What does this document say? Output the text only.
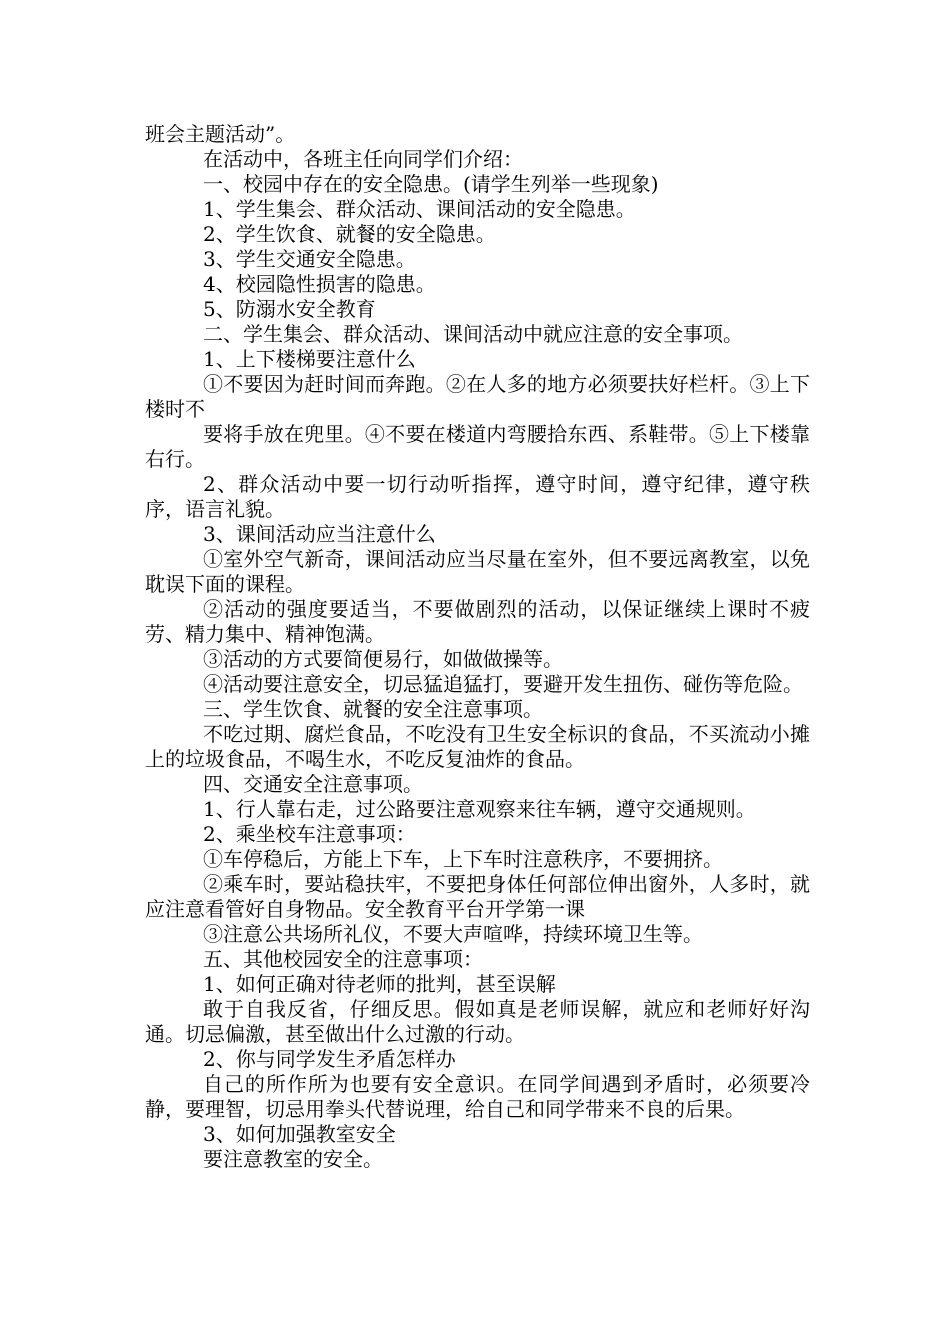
班会主题活动”。

在活动中，各班主任向同学们介绍：

一、校园中存在的安全隐患。(请学生列举一些现象)

1、学生集会、群众活动、课间活动的安全隐患。

2、学生饮食、就餐的安全隐患。

3、学生交通安全隐患。

4、校园隐性损害的隐患。

5、防溺水安全教育

二、学生集会、群众活动、课间活动中就应注意的安全事项。

1、上下楼梯要注意什么

①不要因为赶时间而奔跑。②在人多的地方必须要扶好栏杆。③上下楼时不

要将手放在兜里。④不要在楼道内弯腰拾东西、系鞋带。⑤上下楼靠右行。

2、群众活动中要一切行动听指挥，遵守时间，遵守纪律，遵守秩序，语言礼貌。

3、课间活动应当注意什么

①室外空气新奇，课间活动应当尽量在室外，但不要远离教室，以免耽误下面的课程。

②活动的强度要适当，不要做剧烈的活动，以保证继续上课时不疲劳、精力集中、精神饱满。

③活动的方式要简便易行，如做做操等。

④活动要注意安全，切忌猛追猛打，要避开发生扭伤、碰伤等危险。

三、学生饮食、就餐的安全注意事项。

不吃过期、腐烂食品，不吃没有卫生安全标识的食品，不买流动小摊上的垃圾食品，不喝生水，不吃反复油炸的食品。

四、交通安全注意事项。

1、行人靠右走，过公路要注意观察来往车辆，遵守交通规则。

2、乘坐校车注意事项：

①车停稳后，方能上下车，上下车时注意秩序，不要拥挤。

②乘车时，要站稳扶牢，不要把身体任何部位伸出窗外，人多时，就应注意看管好自身物品。安全教育平台开学第一课

③注意公共场所礼仪，不要大声喧哗，持续环境卫生等。

五、其他校园安全的注意事项：

1、如何正确对待老师的批判，甚至误解

敢于自我反省，仔细反思。假如真是老师误解，就应和老师好好沟通。切忌偏激，甚至做出什么过激的行动。

2、你与同学发生矛盾怎样办

自己的所作所为也要有安全意识。在同学间遇到矛盾时，必须要冷静，要理智，切忌用拳头代替说理，给自己和同学带来不良的后果。

3、如何加强教室安全

要注意教室的安全。
